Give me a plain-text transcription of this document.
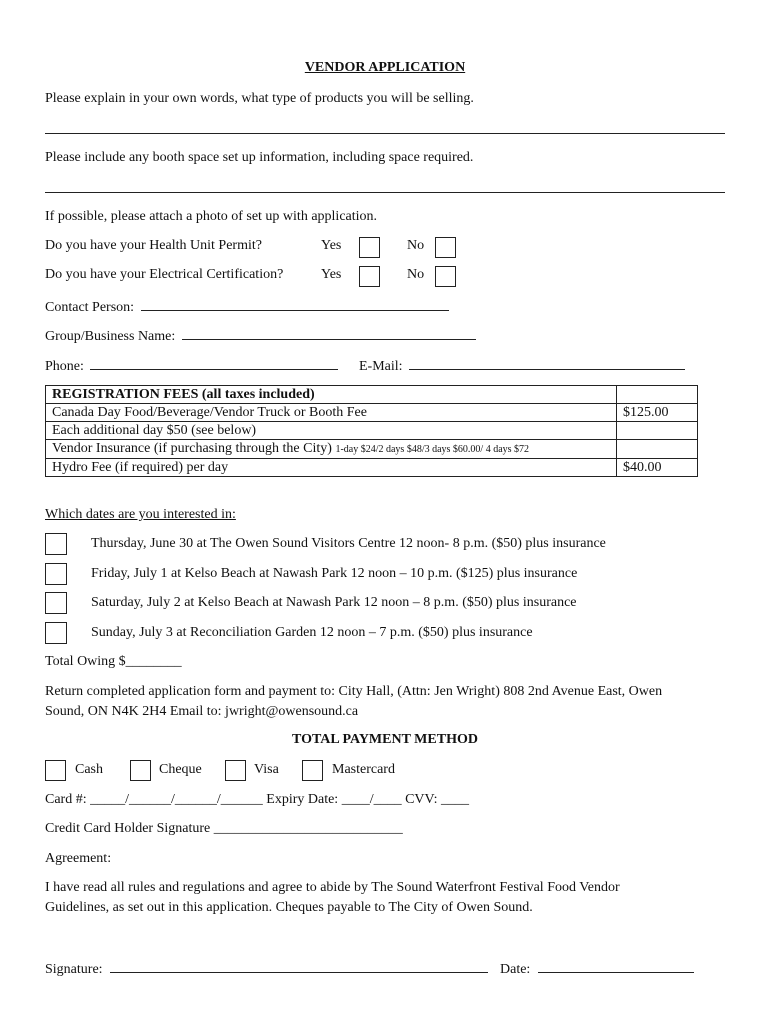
VENDOR APPLICATION
Please explain in your own words, what type of products you will be selling.
Please include any booth space set up information, including space required.
If possible, please attach a photo of set up with application.
Do you have your Health Unit Permit?	Yes	No
Do you have your Electrical Certification?	Yes	No
Contact Person:
Group/Business Name:
Phone:	E-Mail:
REGISTRATION FEES (all taxes included)	
Canada Day Food/Beverage/Vendor Truck or Booth Fee	$125.00
Each additional day $50 (see below)	
Vendor Insurance (if purchasing through the City) 1-day $24/2 days $48/3 days $60.00/ 4 days $72	
Hydro Fee (if required) per day	$40.00
Which dates are you interested in:
Thursday, June 30 at The Owen Sound Visitors Centre 12 noon- 8 p.m. ($50) plus insurance
Friday, July 1 at Kelso Beach at Nawash Park 12 noon – 10 p.m. ($125) plus insurance
Saturday, July 2 at Kelso Beach at Nawash Park 12 noon – 8 p.m. ($50) plus insurance
Sunday, July 3 at Reconciliation Garden 12 noon – 7 p.m. ($50) plus insurance
Total Owing $________
Return completed application form and payment to: City Hall, (Attn: Jen Wright) 808 2nd Avenue East, Owen
Sound, ON N4K 2H4 Email to: jwright@owensound.ca
TOTAL PAYMENT METHOD
Cash	Cheque	Visa	Mastercard
Card #: _____/______/______/______ Expiry Date: ____/____ CVV: ____
Credit Card Holder Signature ___________________________
Agreement:
I have read all rules and regulations and agree to abide by The Sound Waterfront Festival Food Vendor
Guidelines, as set out in this application. Cheques payable to The City of Owen Sound.
Signature:	Date:
